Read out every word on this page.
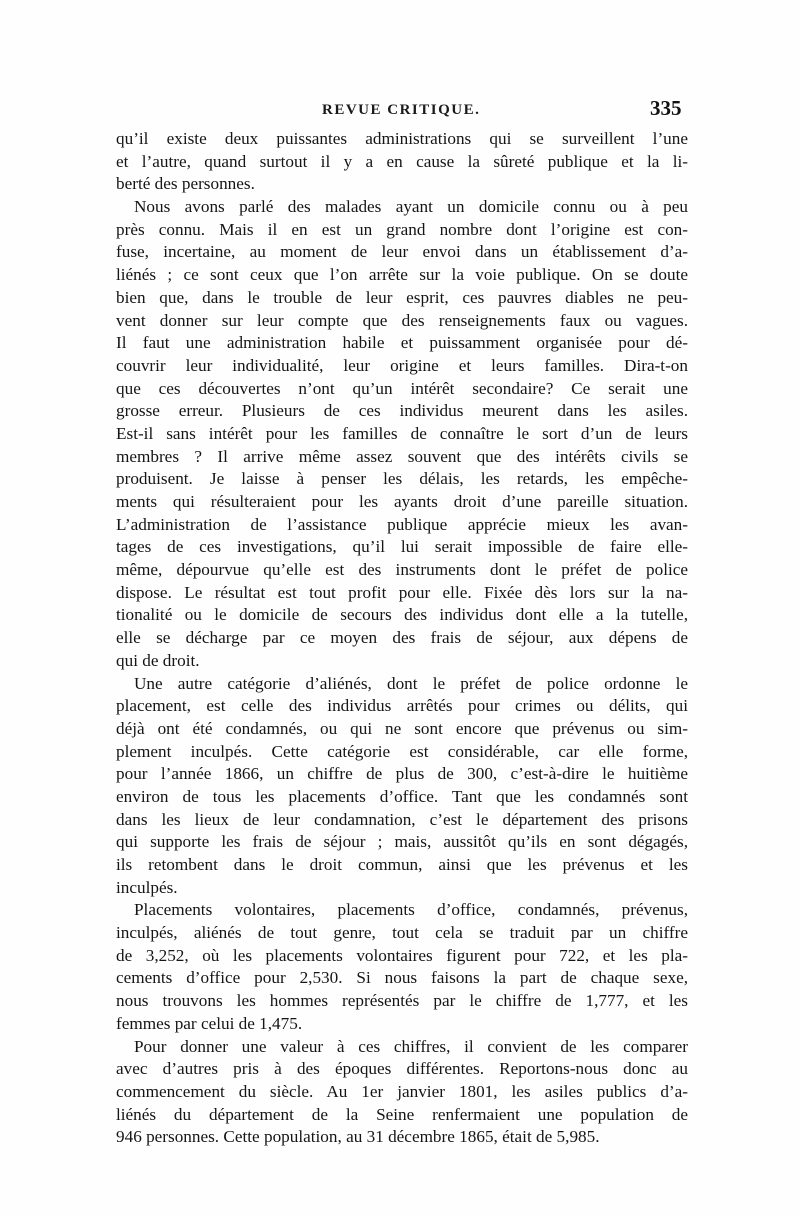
REVUE CRITIQUE.	335
qu’il existe deux puissantes administrations qui se surveillent l’une
et l’autre, quand surtout il y a en cause la sûreté publique et la li-
berté des personnes.
Nous avons parlé des malades ayant un domicile connu ou à peu
près connu. Mais il en est un grand nombre dont l’origine est con-
fuse, incertaine, au moment de leur envoi dans un établissement d’a-
liénés ; ce sont ceux que l’on arrête sur la voie publique. On se doute
bien que, dans le trouble de leur esprit, ces pauvres diables ne peu-
vent donner sur leur compte que des renseignements faux ou vagues.
Il faut une administration habile et puissamment organisée pour dé-
couvrir leur individualité, leur origine et leurs familles. Dira-t-on
que ces découvertes n’ont qu’un intérêt secondaire? Ce serait une
grosse erreur. Plusieurs de ces individus meurent dans les asiles.
Est-il sans intérêt pour les familles de connaître le sort d’un de leurs
membres ? Il arrive même assez souvent que des intérêts civils se
produisent. Je laisse à penser les délais, les retards, les empêche-
ments qui résulteraient pour les ayants droit d’une pareille situation.
L’administration de l’assistance publique apprécie mieux les avan-
tages de ces investigations, qu’il lui serait impossible de faire elle-
même, dépourvue qu’elle est des instruments dont le préfet de police
dispose. Le résultat est tout profit pour elle. Fixée dès lors sur la na-
tionalité ou le domicile de secours des individus dont elle a la tutelle,
elle se décharge par ce moyen des frais de séjour, aux dépens de
qui de droit.
Une autre catégorie d’aliénés, dont le préfet de police ordonne le
placement, est celle des individus arrêtés pour crimes ou délits, qui
déjà ont été condamnés, ou qui ne sont encore que prévenus ou sim-
plement inculpés. Cette catégorie est considérable, car elle forme,
pour l’année 1866, un chiffre de plus de 300, c’est-à-dire le huitième
environ de tous les placements d’office. Tant que les condamnés sont
dans les lieux de leur condamnation, c’est le département des prisons
qui supporte les frais de séjour ; mais, aussitôt qu’ils en sont dégagés,
ils retombent dans le droit commun, ainsi que les prévenus et les
inculpés.
Placements volontaires, placements d’office, condamnés, prévenus,
inculpés, aliénés de tout genre, tout cela se traduit par un chiffre
de 3,252, où les placements volontaires figurent pour 722, et les pla-
cements d’office pour 2,530. Si nous faisons la part de chaque sexe,
nous trouvons les hommes représentés par le chiffre de 1,777, et les
femmes par celui de 1,475.
Pour donner une valeur à ces chiffres, il convient de les comparer
avec d’autres pris à des époques différentes. Reportons-nous donc au
commencement du siècle. Au 1er janvier 1801, les asiles publics d’a-
liénés du département de la Seine renfermaient une population de
946 personnes. Cette population, au 31 décembre 1865, était de 5,985.
